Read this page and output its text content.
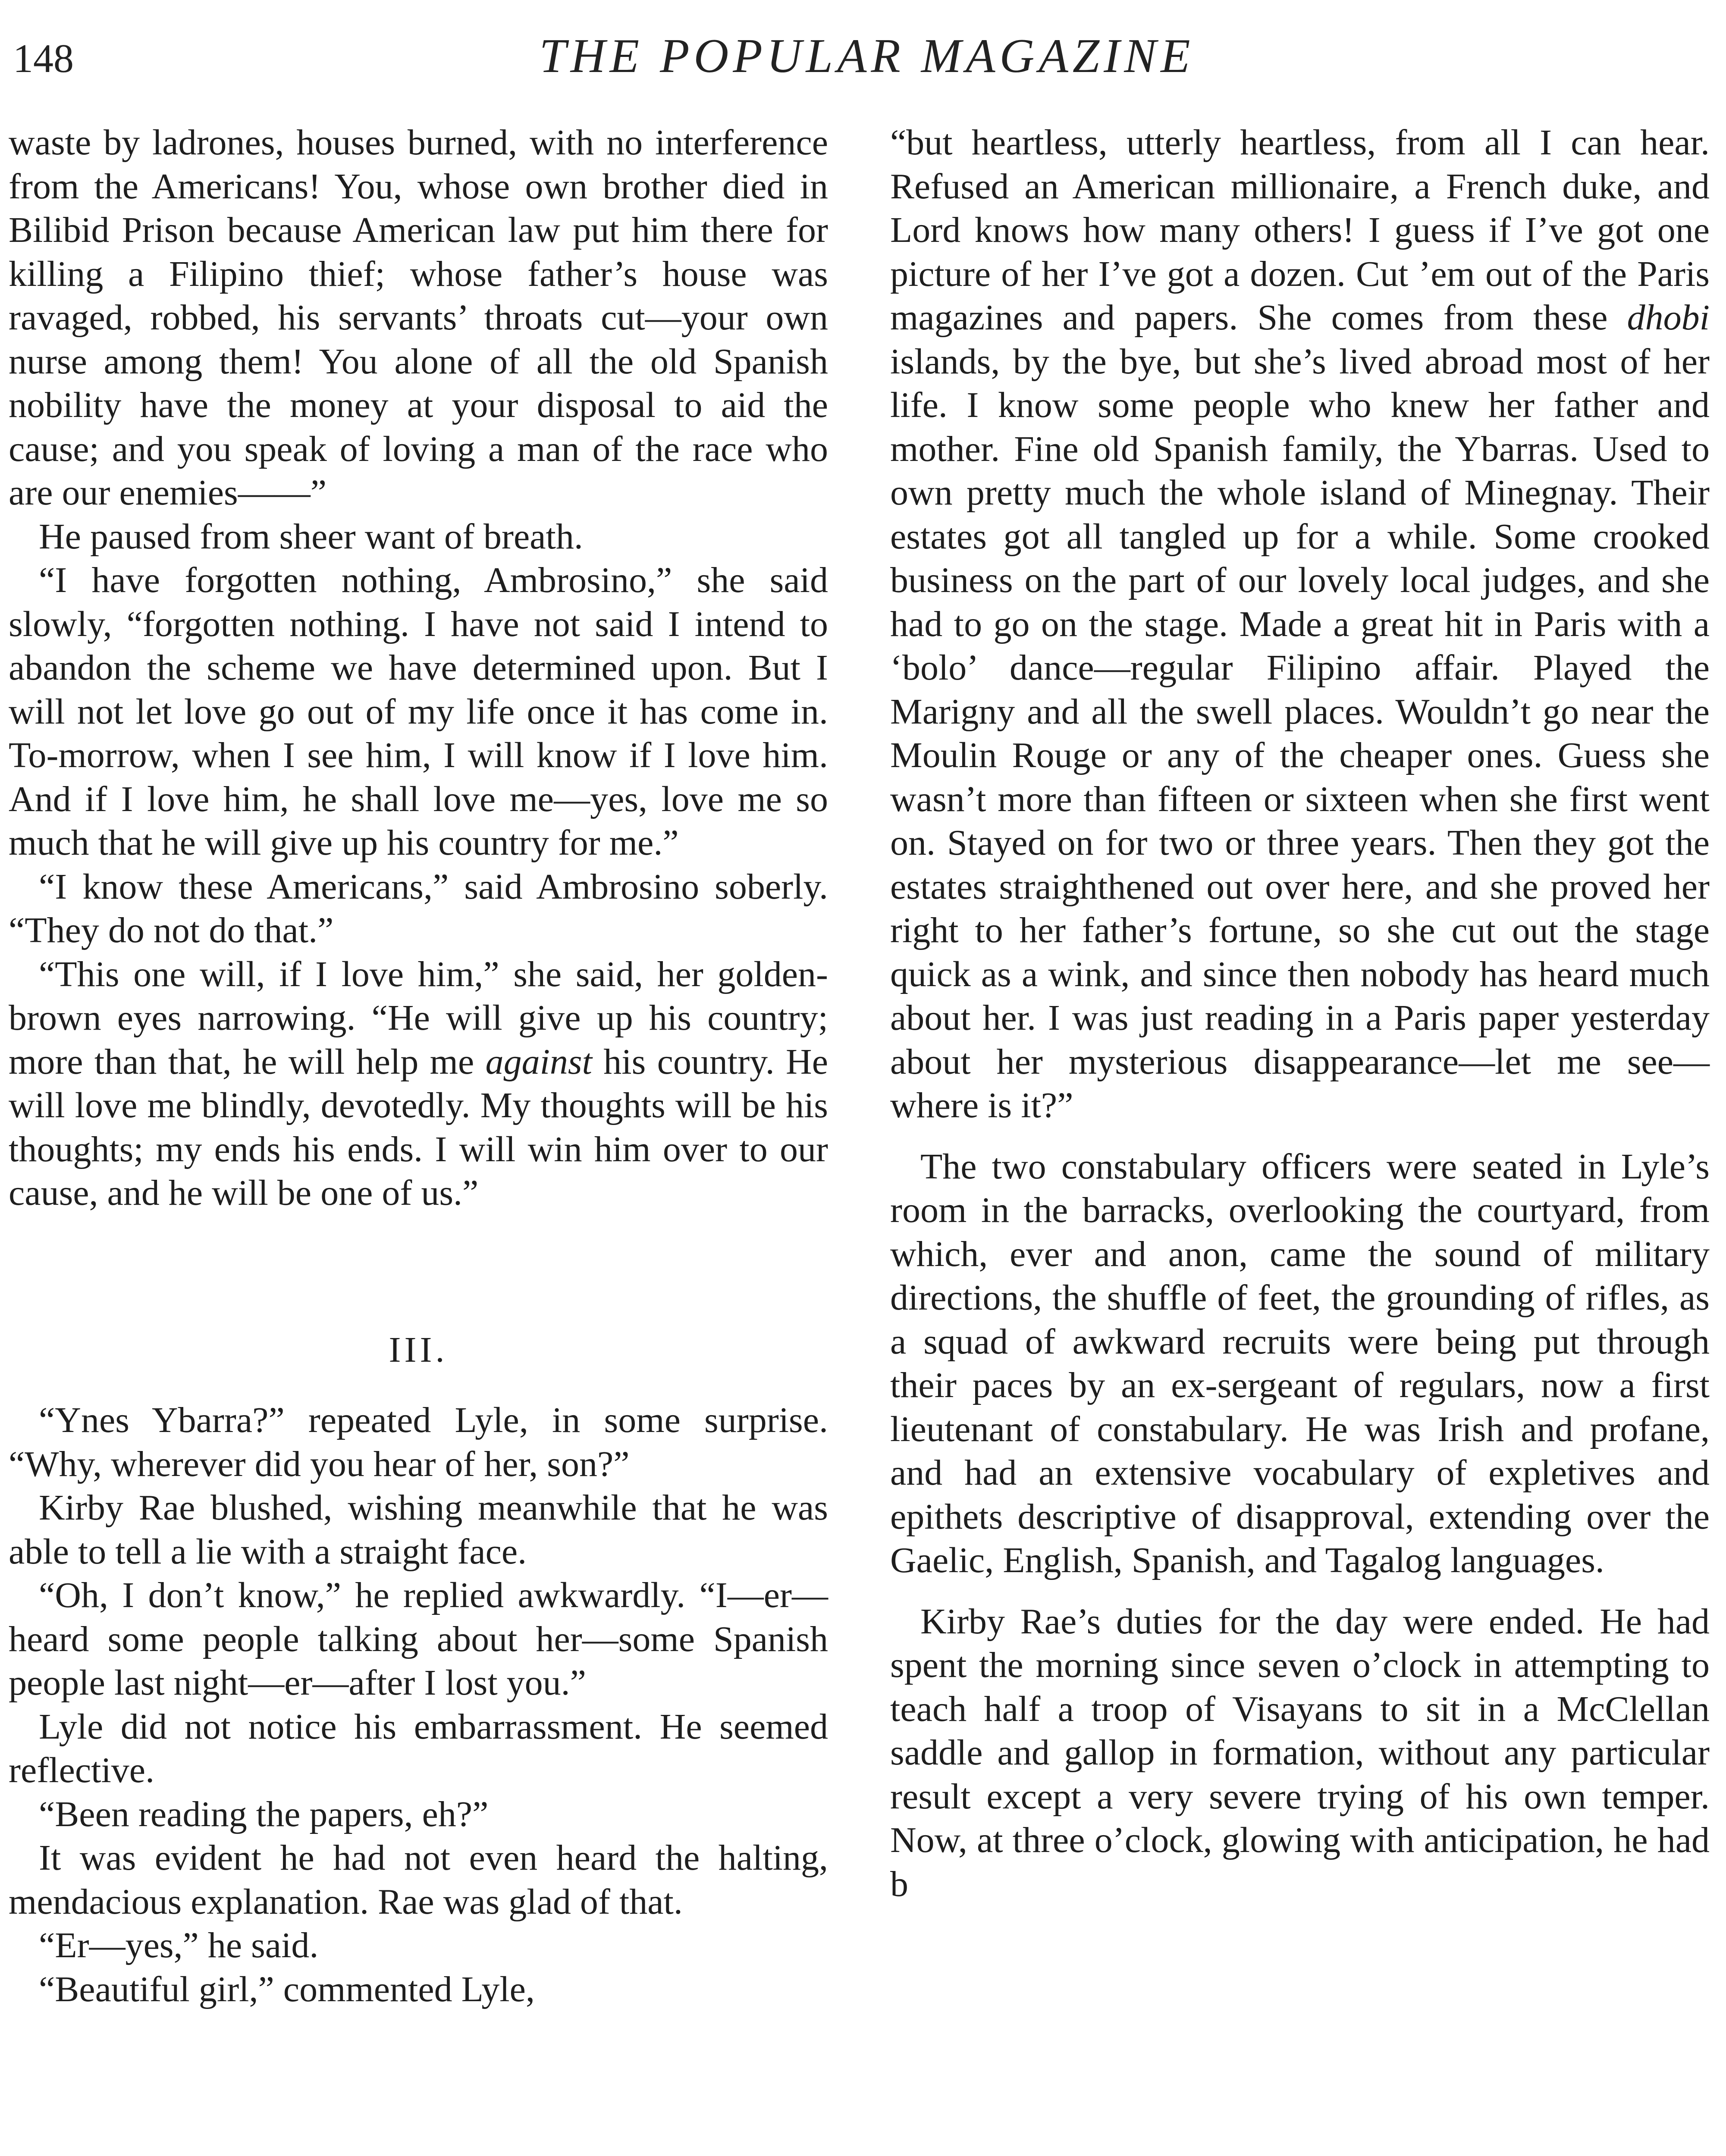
148	THE POPULAR MAGAZINE

waste by ladrones, houses burned, with no interference from the Americans! You, whose own brother died in Bilibid Prison because American law put him there for killing a Filipino thief; whose father’s house was ravaged, robbed, his servants’ throats cut—your own nurse among them! You alone of all the old Spanish nobility have the money at your disposal to aid the cause; and you speak of loving a man of the race who are our enemies——”

He paused from sheer want of breath.

“I have forgotten nothing, Ambrosino,” she said slowly, “forgotten nothing. I have not said I intend to abandon the scheme we have determined upon. But I will not let love go out of my life once it has come in. To-morrow, when I see him, I will know if I love him. And if I love him, he shall love me—yes, love me so much that he will give up his country for me.”

“I know these Americans,” said Ambrosino soberly. “They do not do that.”

“This one will, if I love him,” she said, her golden-brown eyes narrowing. “He will give up his country; more than that, he will help me against his country. He will love me blindly, devotedly. My thoughts will be his thoughts; my ends his ends. I will win him over to our cause, and he will be one of us.”

III.

“Ynes Ybarra?” repeated Lyle, in some surprise. “Why, wherever did you hear of her, son?”

Kirby Rae blushed, wishing meanwhile that he was able to tell a lie with a straight face.

“Oh, I don’t know,” he replied awkwardly. “I—er—heard some people talking about her—some Spanish people last night—er—after I lost you.”

Lyle did not notice his embarrassment. He seemed reflective.

“Been reading the papers, eh?”

It was evident he had not even heard the halting, mendacious explanation. Rae was glad of that.

“Er—yes,” he said.

“Beautiful girl,” commented Lyle,

“but heartless, utterly heartless, from all I can hear. Refused an American millionaire, a French duke, and Lord knows how many others! I guess if I’ve got one picture of her I’ve got a dozen. Cut ’em out of the Paris magazines and papers. She comes from these dhobi islands, by the bye, but she’s lived abroad most of her life. I know some people who knew her father and mother. Fine old Spanish family, the Ybarras. Used to own pretty much the whole island of Minegnay. Their estates got all tangled up for a while. Some crooked business on the part of our lovely local judges, and she had to go on the stage. Made a great hit in Paris with a ‘bolo’ dance—regular Filipino affair. Played the Marigny and all the swell places. Wouldn’t go near the Moulin Rouge or any of the cheaper ones. Guess she wasn’t more than fifteen or sixteen when she first went on. Stayed on for two or three years. Then they got the estates straighthened out over here, and she proved her right to her father’s fortune, so she cut out the stage quick as a wink, and since then nobody has heard much about her. I was just reading in a Paris paper yesterday about her mysterious disappearance—let me see—where is it?”

The two constabulary officers were seated in Lyle’s room in the barracks, overlooking the courtyard, from which, ever and anon, came the sound of military directions, the shuffle of feet, the grounding of rifles, as a squad of awkward recruits were being put through their paces by an ex-sergeant of regulars, now a first lieutenant of constabulary. He was Irish and profane, and had an extensive vocabulary of expletives and epithets descriptive of disapproval, extending over the Gaelic, English, Spanish, and Tagalog languages.

Kirby Rae’s duties for the day were ended. He had spent the morning since seven o’clock in attempting to teach half a troop of Visayans to sit in a McClellan saddle and gallop in formation, without any particular result except a very severe trying of his own temper. Now, at three o’clock, glowing with anticipation, he had b
